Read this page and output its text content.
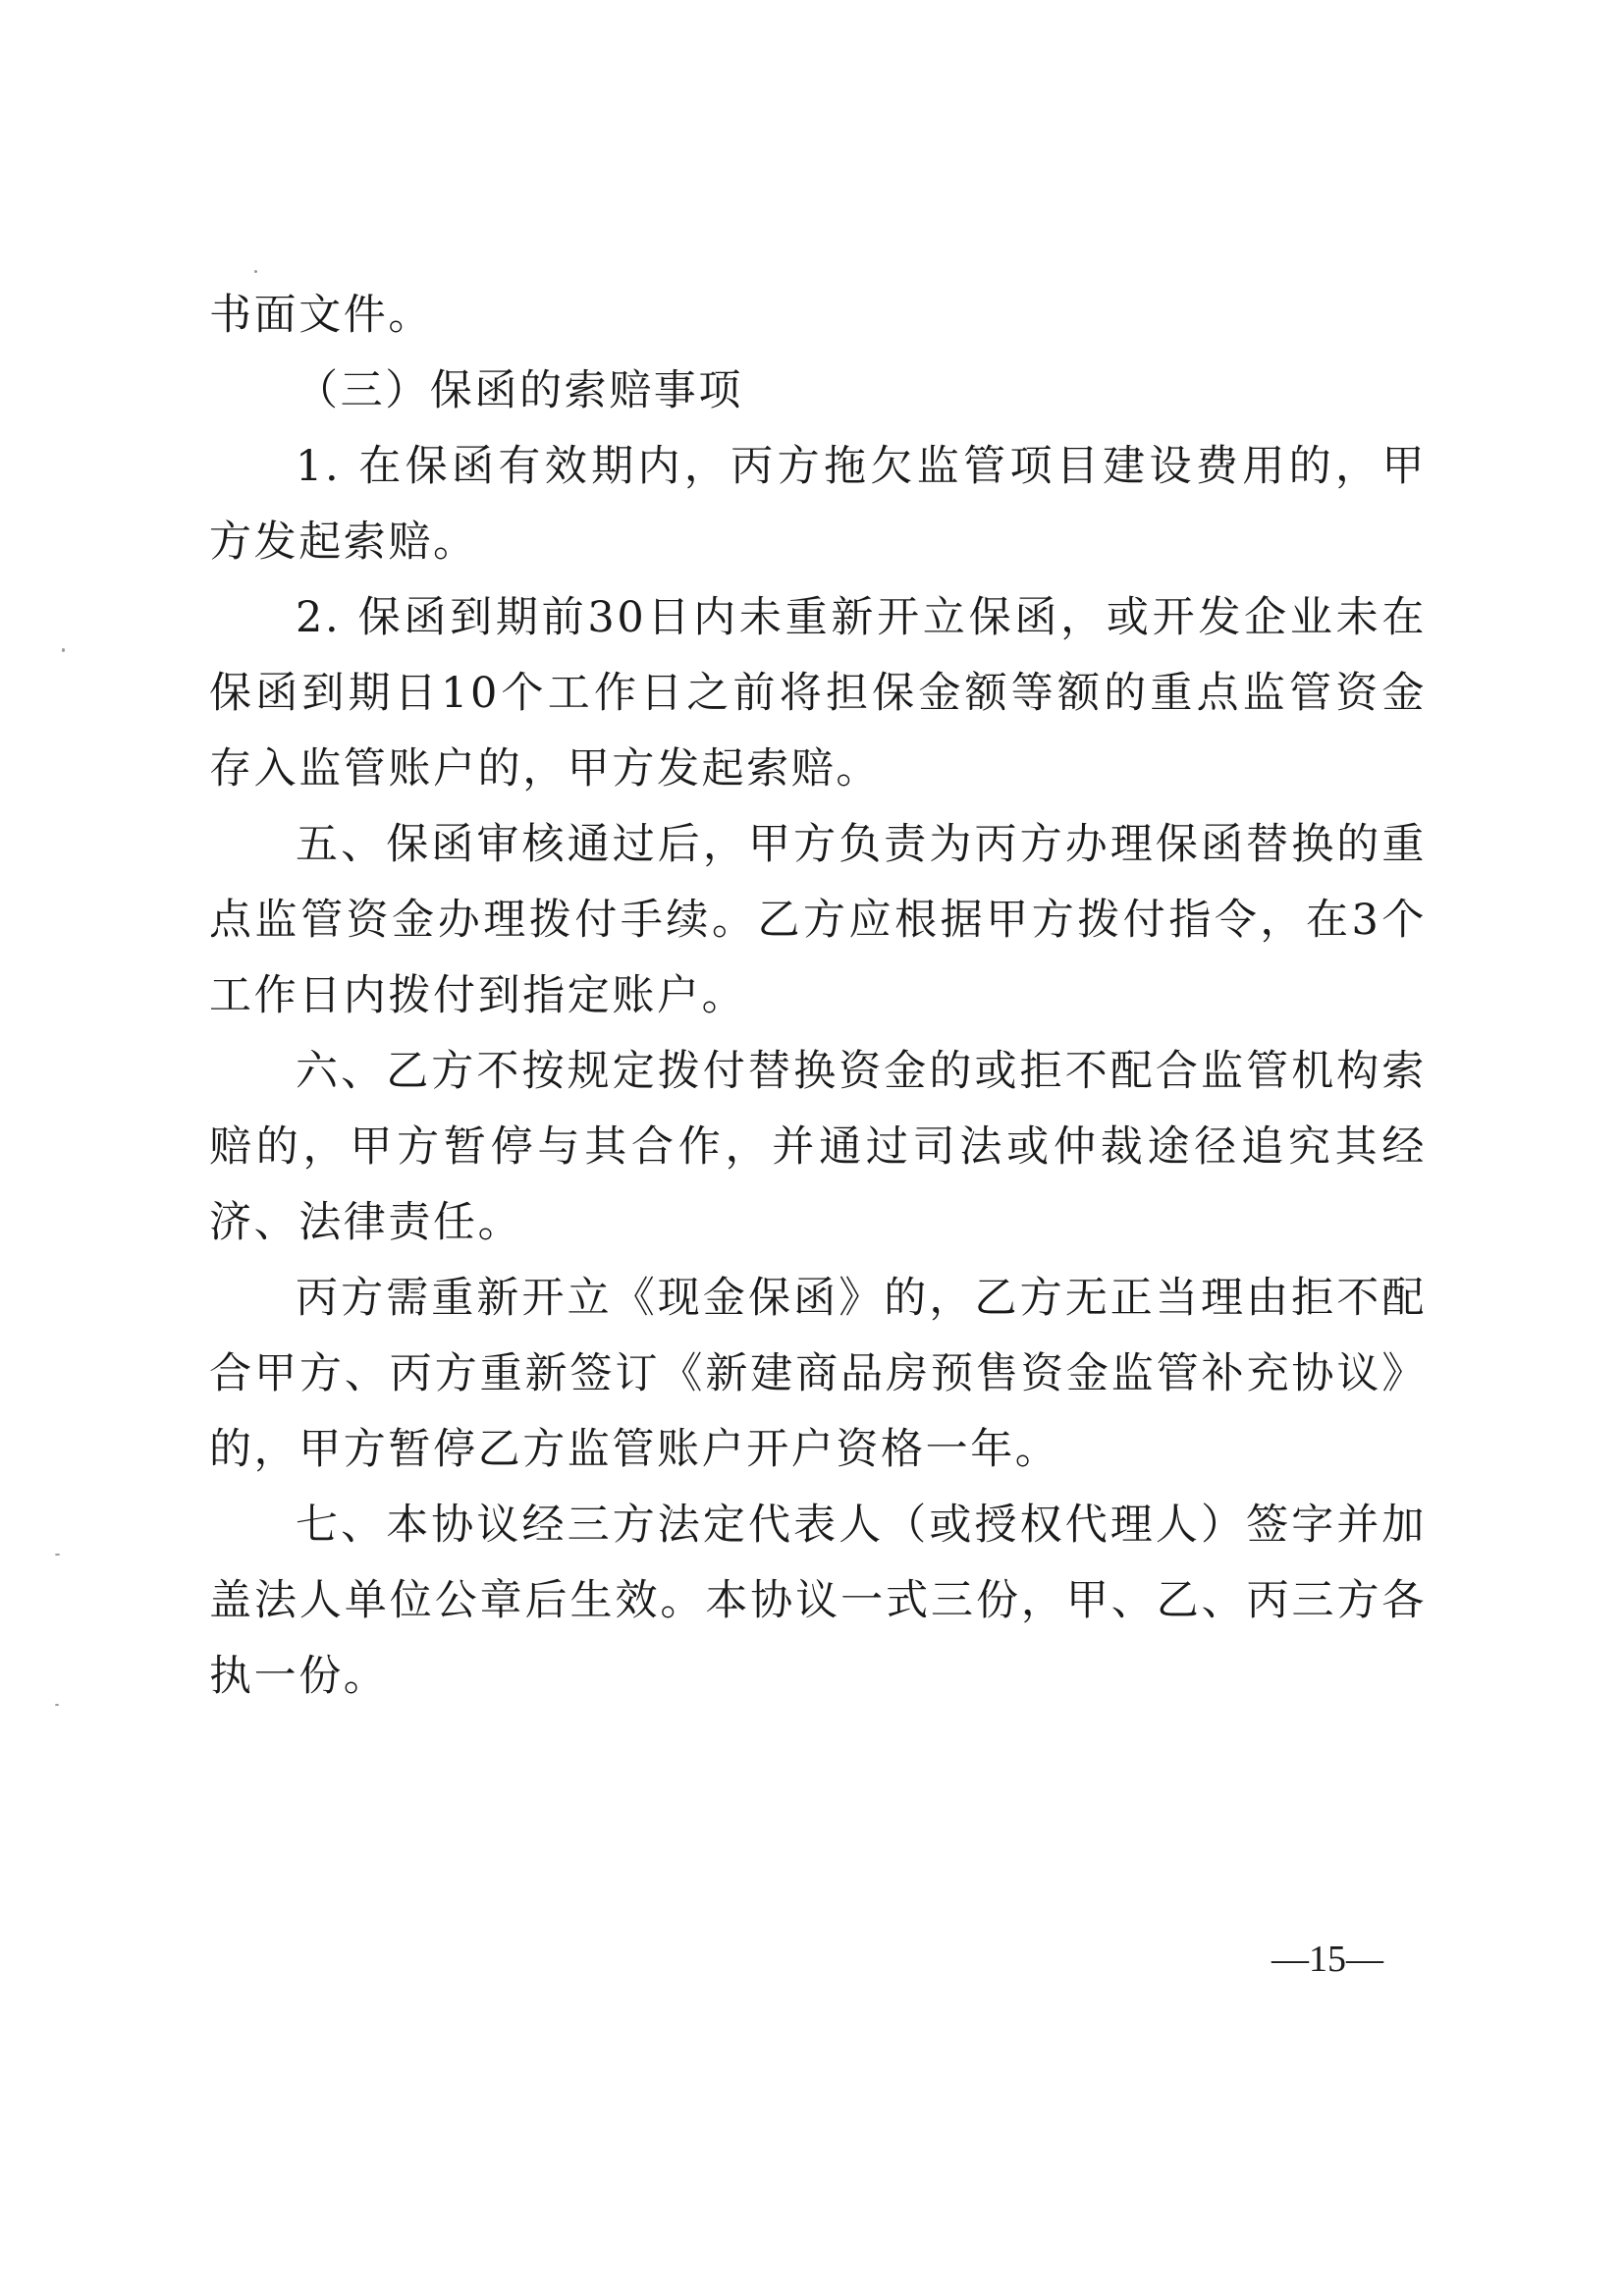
书面文件。

（三）保函的索赔事项

1. 在保函有效期内，丙方拖欠监管项目建设费用的，甲方发起索赔。

2. 保函到期前30日内未重新开立保函，或开发企业未在保函到期日10个工作日之前将担保金额等额的重点监管资金存入监管账户的，甲方发起索赔。

五、保函审核通过后，甲方负责为丙方办理保函替换的重点监管资金办理拨付手续。乙方应根据甲方拨付指令，在3个工作日内拨付到指定账户。

六、乙方不按规定拨付替换资金的或拒不配合监管机构索赔的，甲方暂停与其合作，并通过司法或仲裁途径追究其经济、法律责任。

丙方需重新开立《现金保函》的，乙方无正当理由拒不配合甲方、丙方重新签订《新建商品房预售资金监管补充协议》的，甲方暂停乙方监管账户开户资格一年。

七、本协议经三方法定代表人（或授权代理人）签字并加盖法人单位公章后生效。本协议一式三份，甲、乙、丙三方各执一份。

—15—
